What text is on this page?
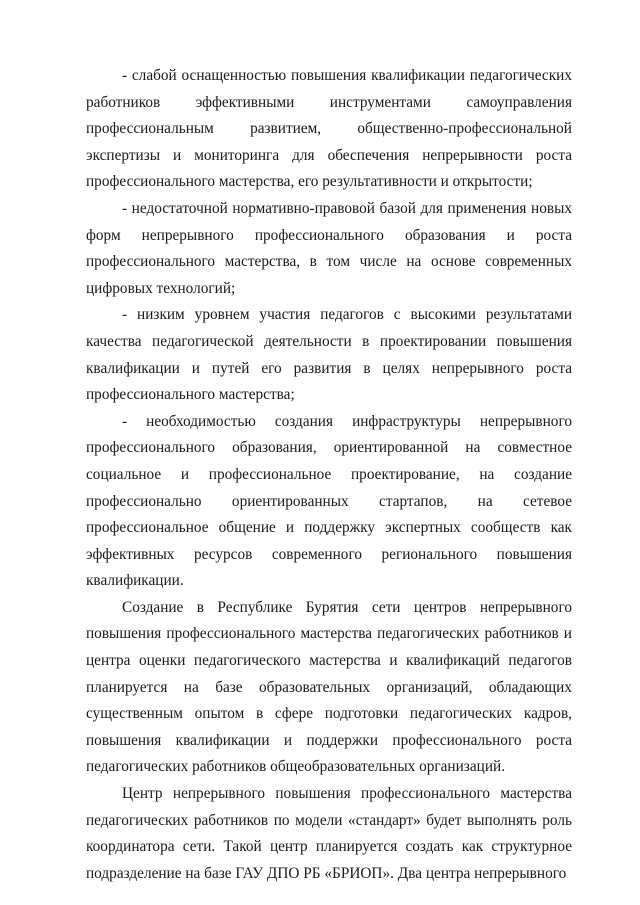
- слабой оснащенностью повышения квалификации педагогических работников эффективными инструментами самоуправления профессиональным развитием, общественно-профессиональной экспертизы и мониторинга для обеспечения непрерывности роста профессионального мастерства, его результативности и открытости;

- недостаточной нормативно-правовой базой для применения новых форм непрерывного профессионального образования и роста профессионального мастерства, в том числе на основе современных цифровых технологий;

- низким уровнем участия педагогов с высокими результатами качества педагогической деятельности в проектировании повышения квалификации и путей его развития в целях непрерывного роста профессионального мастерства;

- необходимостью создания инфраструктуры непрерывного профессионального образования, ориентированной на совместное социальное и профессиональное проектирование, на создание профессионально ориентированных стартапов, на сетевое профессиональное общение и поддержку экспертных сообществ как эффективных ресурсов современного регионального повышения квалификации.

Создание в Республике Бурятия сети центров непрерывного повышения профессионального мастерства педагогических работников и центра оценки педагогического мастерства и квалификаций педагогов планируется на базе образовательных организаций, обладающих существенным опытом в сфере подготовки педагогических кадров, повышения квалификации и поддержки профессионального роста педагогических работников общеобразовательных организаций.

Центр непрерывного повышения профессионального мастерства педагогических работников по модели «стандарт» будет выполнять роль координатора сети. Такой центр планируется создать как структурное подразделение на базе ГАУ ДПО РБ «БРИОП». Два центра непрерывного
